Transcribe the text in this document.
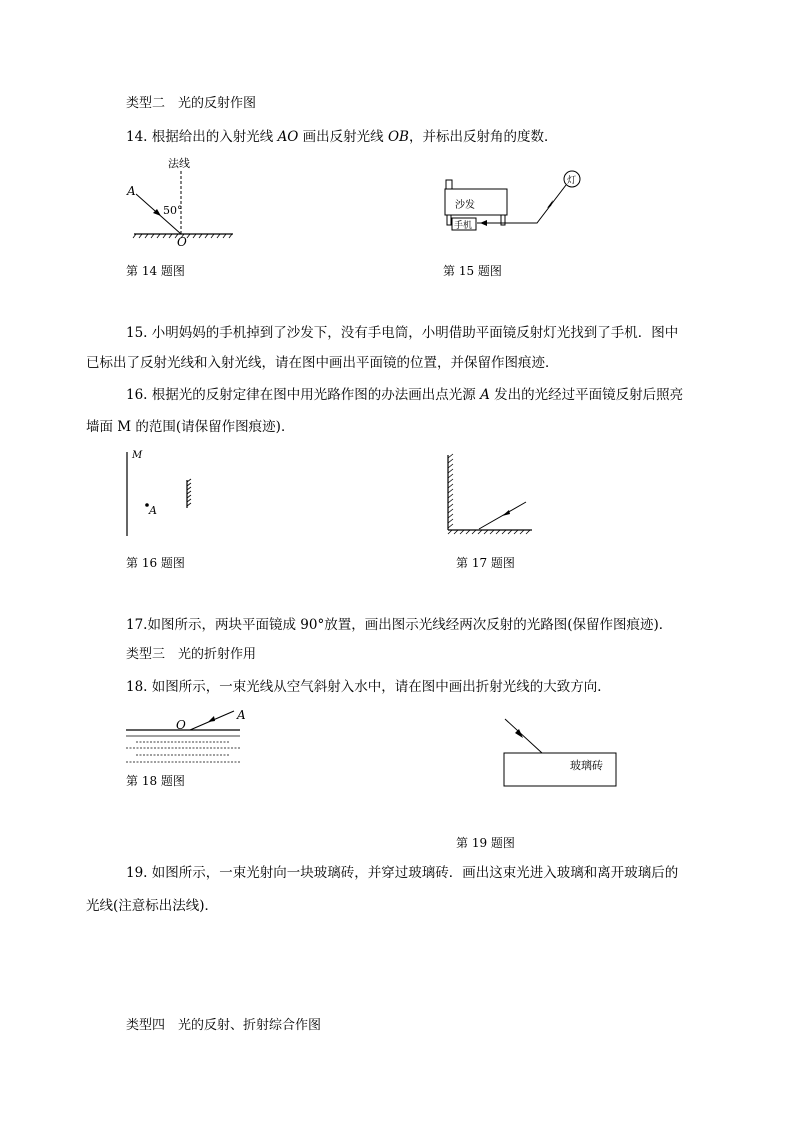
类型二　光的反射作图
14. 根据给出的入射光线 AO 画出反射光线 OB，并标出反射角的度数．
法线
A
50°
O
第 14 题图
沙发
手机
灯
第 15 题图
15. 小明妈妈的手机掉到了沙发下，没有手电筒，小明借助平面镜反射灯光找到了手机．图中
已标出了反射光线和入射光线，请在图中画出平面镜的位置，并保留作图痕迹．
16. 根据光的反射定律在图中用光路作图的办法画出点光源 A 发出的光经过平面镜反射后照亮
墙面 M 的范围(请保留作图痕迹)．
M
A
第 16 题图	第 17 题图
17.如图所示，两块平面镜成 90°放置，画出图示光线经两次反射的光路图(保留作图痕迹)．
类型三　光的折射作用
18. 如图所示，一束光线从空气斜射入水中，请在图中画出折射光线的大致方向．
O
A
第 18 题图
玻璃砖
第 19 题图
19. 如图所示，一束光射向一块玻璃砖，并穿过玻璃砖．画出这束光进入玻璃和离开玻璃后的
光线(注意标出法线)．
类型四　光的反射、折射综合作图
